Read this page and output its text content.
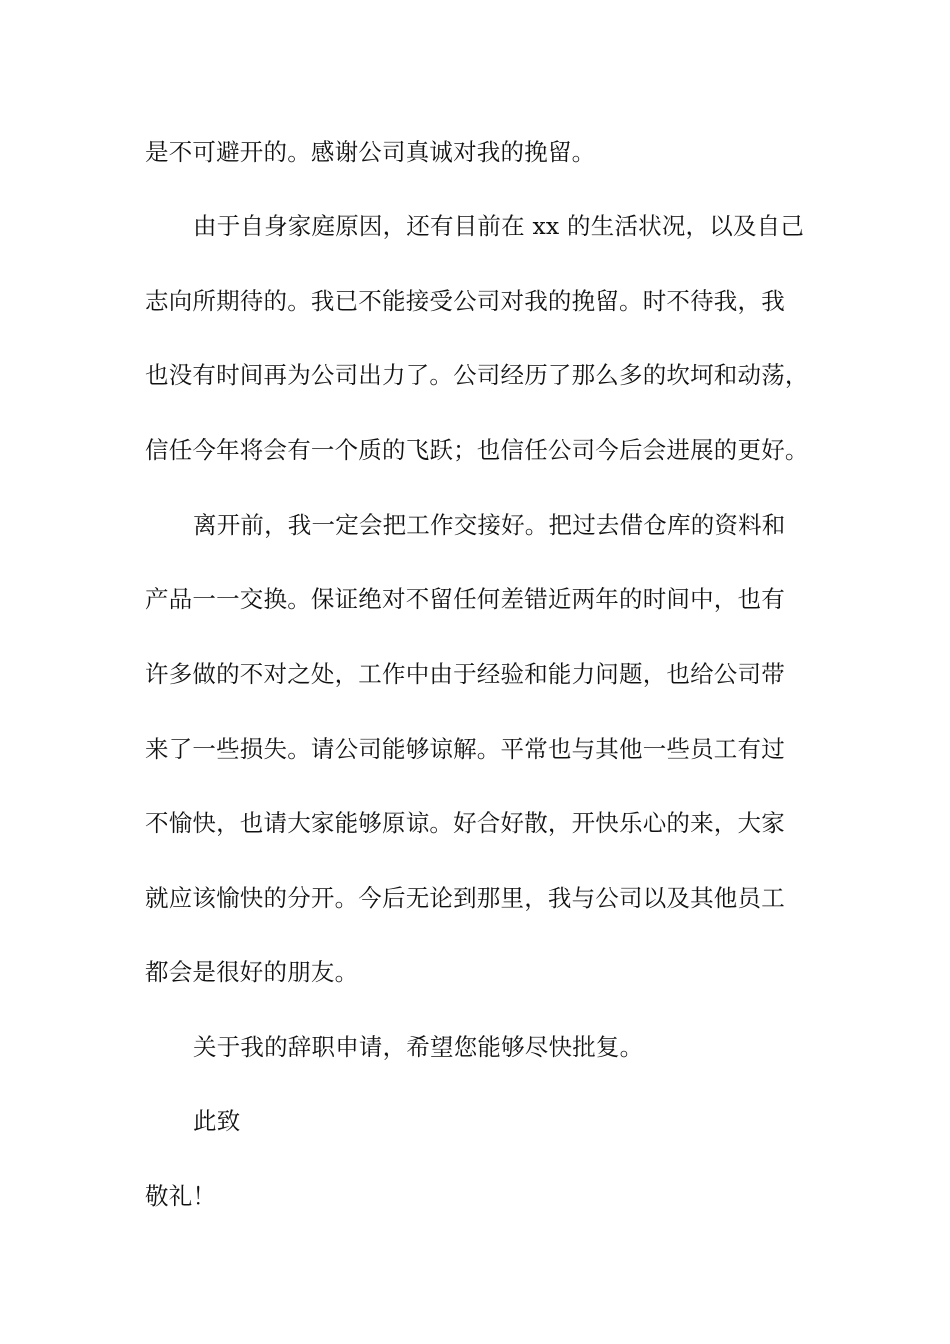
是不可避开的。感谢公司真诚对我的挽留。
由于自身家庭原因，还有目前在 xx 的生活状况，以及自己
志向所期待的。我已不能接受公司对我的挽留。时不待我，我
也没有时间再为公司出力了。公司经历了那么多的坎坷和动荡，
信任今年将会有一个质的飞跃；也信任公司今后会进展的更好。
离开前，我一定会把工作交接好。把过去借仓库的资料和
产品一一交换。保证绝对不留任何差错近两年的时间中，也有
许多做的不对之处，工作中由于经验和能力问题，也给公司带
来了一些损失。请公司能够谅解。平常也与其他一些员工有过
不愉快，也请大家能够原谅。好合好散，开快乐心的来，大家
就应该愉快的分开。今后无论到那里，我与公司以及其他员工
都会是很好的朋友。
关于我的辞职申请，希望您能够尽快批复。
此致
敬礼！
